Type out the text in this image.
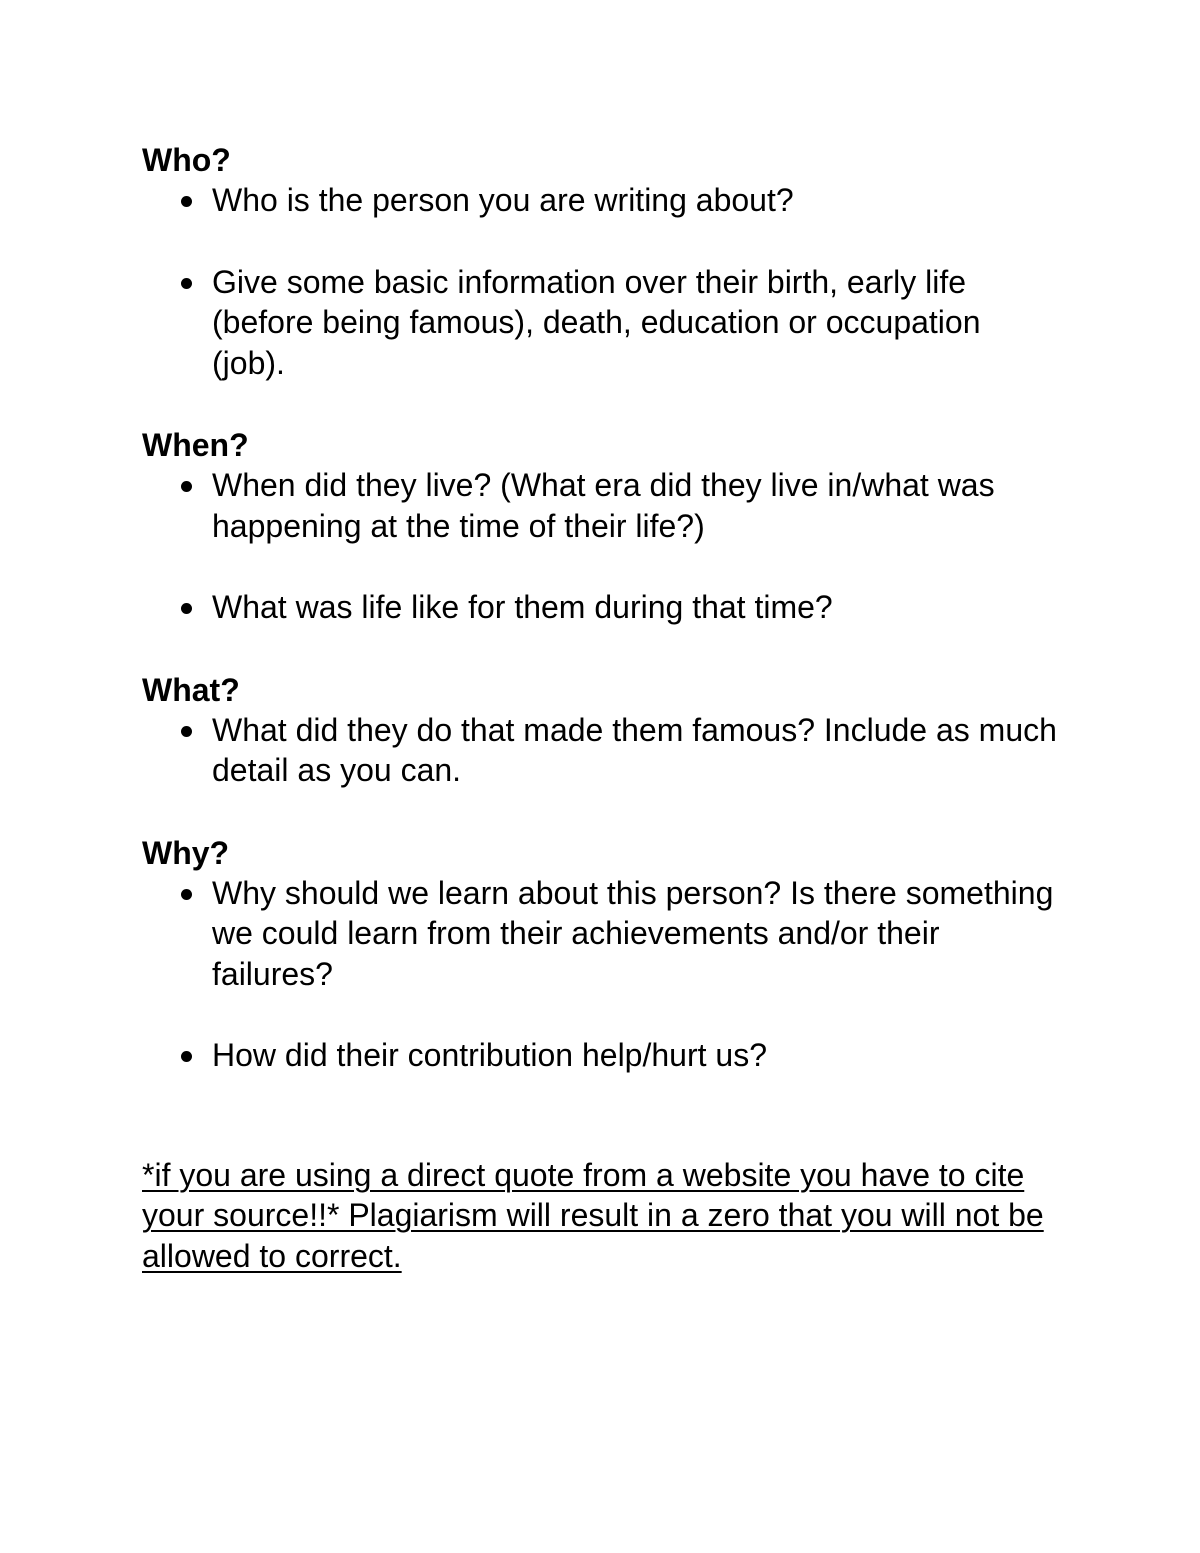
Who?
Who is the person you are writing about?
Give some basic information over their birth, early life (before being famous), death, education or occupation (job).
When?
When did they live? (What era did they live in/what was happening at the time of their life?)
What was life like for them during that time?
What?
What did they do that made them famous? Include as much detail as you can.
Why?
Why should we learn about this person? Is there something we could learn from their achievements and/or their failures?
How did their contribution help/hurt us?

*if you are using a direct quote from a website you have to cite your source!!* Plagiarism will result in a zero that you will not be allowed to correct.
